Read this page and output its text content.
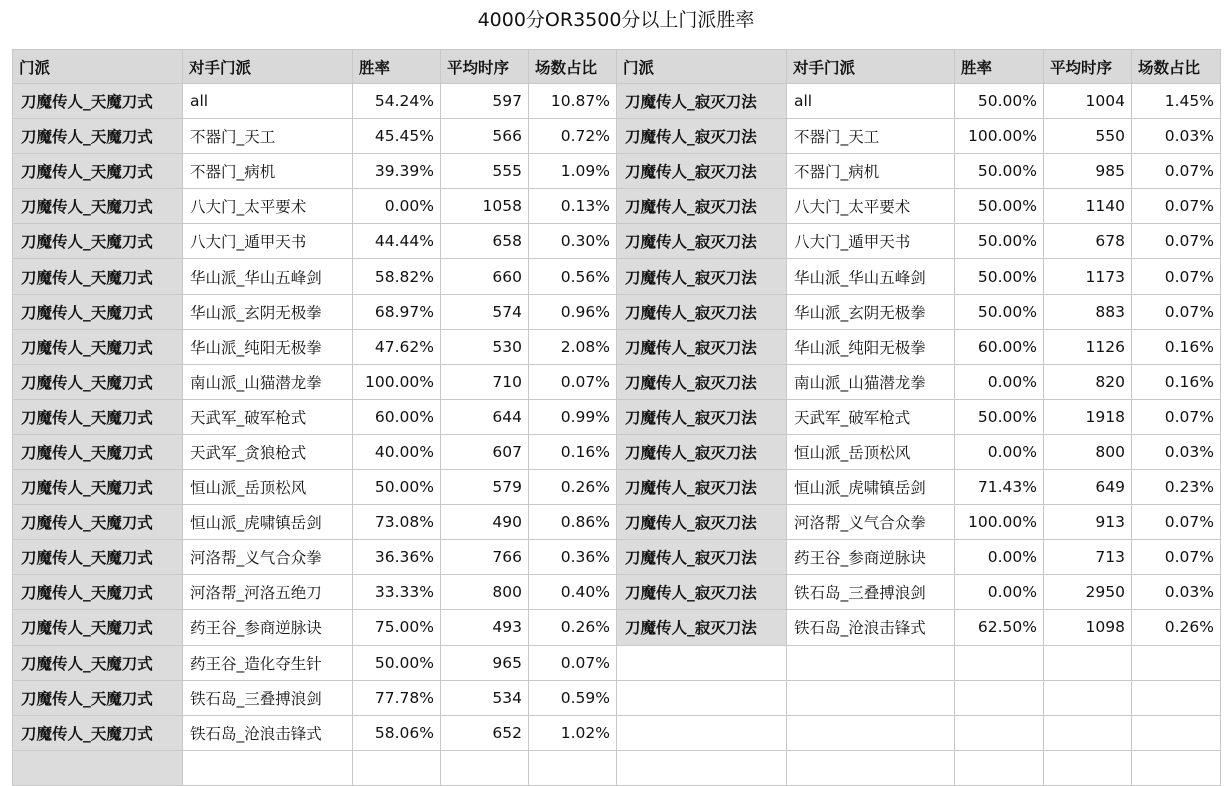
4000分OR3500分以上门派胜率
门派	对手门派	胜率	平均时序	场数占比	门派	对手门派	胜率	平均时序	场数占比
刀魔传人_天魔刀式	all	54.24%	597	10.87%	刀魔传人_寂灭刀法	all	50.00%	1004	1.45%
刀魔传人_天魔刀式	不器门_天工	45.45%	566	0.72%	刀魔传人_寂灭刀法	不器门_天工	100.00%	550	0.03%
刀魔传人_天魔刀式	不器门_病机	39.39%	555	1.09%	刀魔传人_寂灭刀法	不器门_病机	50.00%	985	0.07%
刀魔传人_天魔刀式	八大门_太平要术	0.00%	1058	0.13%	刀魔传人_寂灭刀法	八大门_太平要术	50.00%	1140	0.07%
刀魔传人_天魔刀式	八大门_遁甲天书	44.44%	658	0.30%	刀魔传人_寂灭刀法	八大门_遁甲天书	50.00%	678	0.07%
刀魔传人_天魔刀式	华山派_华山五峰剑	58.82%	660	0.56%	刀魔传人_寂灭刀法	华山派_华山五峰剑	50.00%	1173	0.07%
刀魔传人_天魔刀式	华山派_玄阴无极拳	68.97%	574	0.96%	刀魔传人_寂灭刀法	华山派_玄阴无极拳	50.00%	883	0.07%
刀魔传人_天魔刀式	华山派_纯阳无极拳	47.62%	530	2.08%	刀魔传人_寂灭刀法	华山派_纯阳无极拳	60.00%	1126	0.16%
刀魔传人_天魔刀式	南山派_山猫潜龙拳	100.00%	710	0.07%	刀魔传人_寂灭刀法	南山派_山猫潜龙拳	0.00%	820	0.16%
刀魔传人_天魔刀式	天武军_破军枪式	60.00%	644	0.99%	刀魔传人_寂灭刀法	天武军_破军枪式	50.00%	1918	0.07%
刀魔传人_天魔刀式	天武军_贪狼枪式	40.00%	607	0.16%	刀魔传人_寂灭刀法	恒山派_岳顶松风	0.00%	800	0.03%
刀魔传人_天魔刀式	恒山派_岳顶松风	50.00%	579	0.26%	刀魔传人_寂灭刀法	恒山派_虎啸镇岳剑	71.43%	649	0.23%
刀魔传人_天魔刀式	恒山派_虎啸镇岳剑	73.08%	490	0.86%	刀魔传人_寂灭刀法	河洛帮_义气合众拳	100.00%	913	0.07%
刀魔传人_天魔刀式	河洛帮_义气合众拳	36.36%	766	0.36%	刀魔传人_寂灭刀法	药王谷_参商逆脉诀	0.00%	713	0.07%
刀魔传人_天魔刀式	河洛帮_河洛五绝刀	33.33%	800	0.40%	刀魔传人_寂灭刀法	铁石岛_三叠搏浪剑	0.00%	2950	0.03%
刀魔传人_天魔刀式	药王谷_参商逆脉诀	75.00%	493	0.26%	刀魔传人_寂灭刀法	铁石岛_沧浪击锋式	62.50%	1098	0.26%
刀魔传人_天魔刀式	药王谷_造化夺生针	50.00%	965	0.07%					
刀魔传人_天魔刀式	铁石岛_三叠搏浪剑	77.78%	534	0.59%					
刀魔传人_天魔刀式	铁石岛_沧浪击锋式	58.06%	652	1.02%					
